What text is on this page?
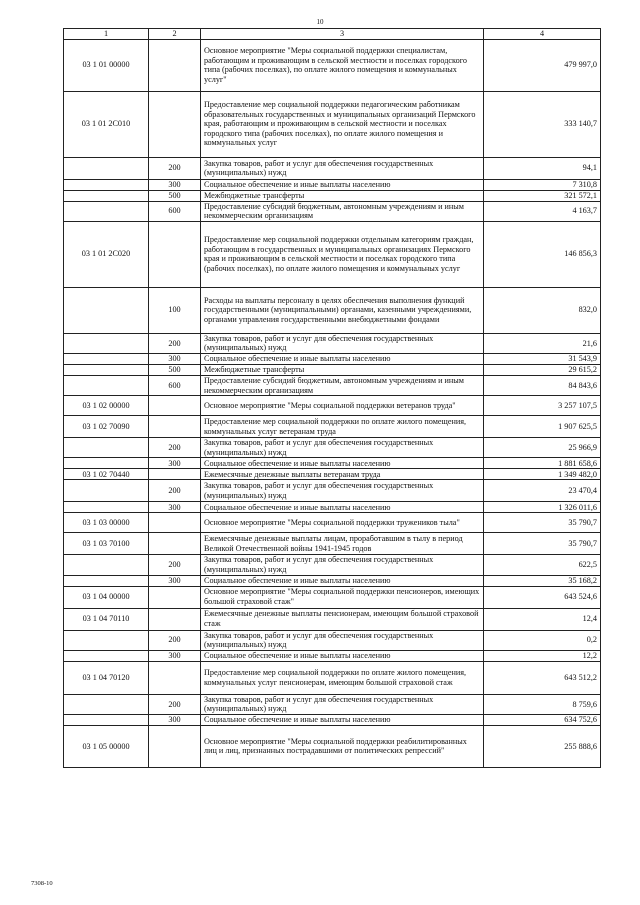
10
1	2	3	4
03 1 01 00000		Основное мероприятие "Меры социальной поддержки специалистам, работающим и проживающим в сельской местности и поселках городского типа (рабочих поселках), по оплате жилого помещения и коммунальных услуг"	479 997,0
03 1 01 2С010		Предоставление мер социальной поддержки педагогическим работникам образовательных государственных и муниципальных организаций Пермского края, работающим и проживающим в сельской местности и поселках городского типа (рабочих поселках), по оплате жилого помещения и коммунальных услуг	333 140,7
	200	Закупка товаров, работ и услуг для обеспечения государственных (муниципальных) нужд	94,1
	300	Социальное обеспечение и иные выплаты населению	7 310,8
	500	Межбюджетные трансферты	321 572,1
	600	Предоставление субсидий бюджетным, автономным учреждениям и иным некоммерческим организациям	4 163,7
03 1 01 2С020		Предоставление мер социальной поддержки отдельным категориям граждан, работающим в государственных и муниципальных организациях Пермского края и проживающим в сельской местности и поселках городского типа (рабочих поселках), по оплате жилого помещения и коммунальных услуг	146 856,3
	100	Расходы на выплаты персоналу в целях обеспечения выполнения функций государственными (муниципальными) органами, казенными учреждениями, органами управления государственными внебюджетными фондами	832,0
	200	Закупка товаров, работ и услуг для обеспечения государственных (муниципальных) нужд	21,6
	300	Социальное обеспечение и иные выплаты населению	31 543,9
	500	Межбюджетные трансферты	29 615,2
	600	Предоставление субсидий бюджетным, автономным учреждениям и иным некоммерческим организациям	84 843,6
03 1 02 00000		Основное мероприятие "Меры социальной поддержки ветеранов труда"	3 257 107,5
03 1 02 70090		Предоставление мер социальной поддержки по оплате жилого помещения, коммунальных услуг ветеранам труда	1 907 625,5
	200	Закупка товаров, работ и услуг для обеспечения государственных (муниципальных) нужд	25 966,9
	300	Социальное обеспечение и иные выплаты населению	1 881 658,6
03 1 02 70440		Ежемесячные денежные выплаты ветеранам труда	1 349 482,0
	200	Закупка товаров, работ и услуг для обеспечения государственных (муниципальных) нужд	23 470,4
	300	Социальное обеспечение и иные выплаты населению	1 326 011,6
03 1 03 00000		Основное мероприятие "Меры социальной поддержки тружеников тыла"	35 790,7
03 1 03 70100		Ежемесячные денежные выплаты лицам, проработавшим в тылу в период Великой Отечественной войны 1941-1945 годов	35 790,7
	200	Закупка товаров, работ и услуг для обеспечения государственных (муниципальных) нужд	622,5
	300	Социальное обеспечение и иные выплаты населению	35 168,2
03 1 04 00000		Основное мероприятие "Меры социальной поддержки пенсионеров, имеющих большой страховой стаж"	643 524,6
03 1 04 70110		Ежемесячные денежные выплаты пенсионерам, имеющим большой страховой стаж	12,4
	200	Закупка товаров, работ и услуг для обеспечения государственных (муниципальных) нужд	0,2
	300	Социальное обеспечение и иные выплаты населению	12,2
03 1 04 70120		Предоставление мер социальной поддержки по оплате жилого помещения, коммунальных услуг пенсионерам, имеющим большой страховой стаж	643 512,2
	200	Закупка товаров, работ и услуг для обеспечения государственных (муниципальных) нужд	8 759,6
	300	Социальное обеспечение и иные выплаты населению	634 752,6
03 1 05 00000		Основное мероприятие "Меры социальной поддержки реабилитированных лиц и лиц, признанных пострадавшими от политических репрессий"	255 888,6
7308-10
